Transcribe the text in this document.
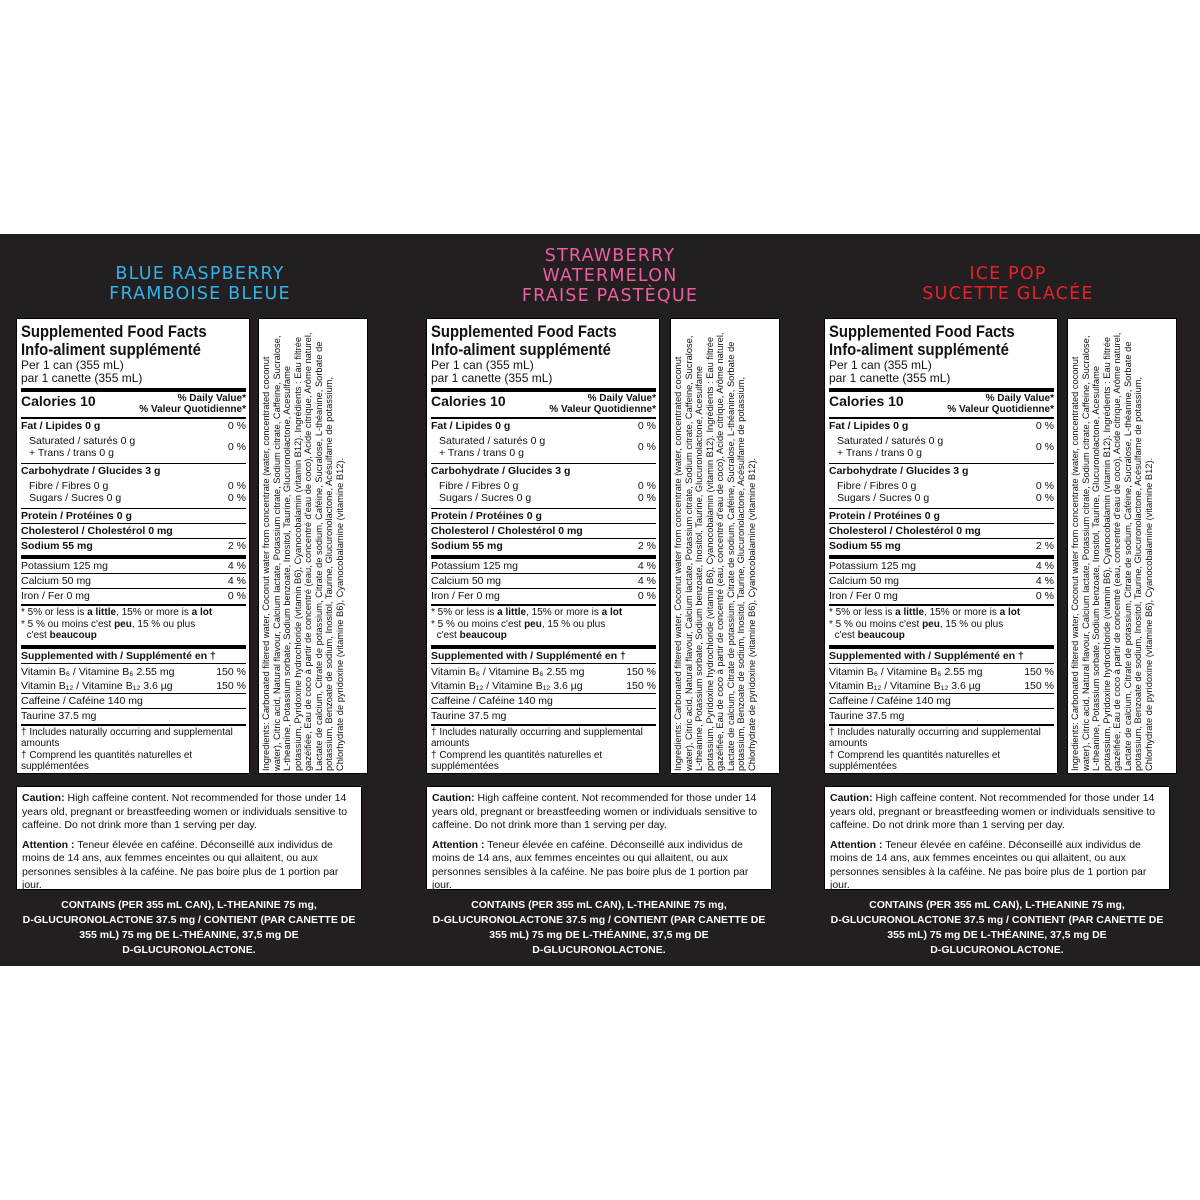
BLUE RASPBERRY
FRAMBOISE BLEUE
Supplemented Food Facts
Info-aliment supplémenté
Per 1 can (355 mL)
par 1 canette (355 mL)
Calories 10	% Daily Value*
% Valeur Quotidienne*
Fat / Lipides 0 g	0 %
Saturated / saturés 0 g
+ Trans / trans 0 g	0 %
Carbohydrate / Glucides 3 g
Fibre / Fibres 0 g	0 %
Sugars / Sucres 0 g	0 %
Protein / Protéines 0 g
Cholesterol / Cholestérol 0 mg
Sodium 55 mg	2 %
Potassium 125 mg	4 %
Calcium 50 mg	4 %
Iron / Fer 0 mg	0 %
* 5% or less is a little, 15% or more is a lot
* 5 % ou moins c'est peu, 15 % ou plus
c'est beaucoup
Supplemented with / Supplémenté en †
Vitamin B₆ / Vitamine B₆ 2.55 mg	150 %
Vitamin B₁₂ / Vitamine B₁₂ 3.6 µg	150 %
Caffeine / Caféine 140 mg
Taurine 37.5 mg
† Includes naturally occurring and supplemental amounts
† Comprend les quantités naturelles et supplémentées	Ingredients: Carbonated filtered water, Coconut water from concentrate (water, concentrated coconut water), Citric acid, Natural flavour, Calcium lactate, Potassium citrate, Sodium citrate, Caffeine, Sucralose, L-theanine, Potassium sorbate, Sodium benzoate, Inositol, Taurine, Glucuronolactone, Acesulfame potassium, Pyridoxine hydrochloride (vitamin B6), Cyanocobalamin (vitamin B12). Ingrédients : Eau filtrée gazéifiée, Eau de coco à partir de concentré (eau, concentré d'eau de coco), Acide citrique, Arôme naturel, Lactate de calcium, Citrate de potassium, Citrate de sodium, Caféine, Sucralose, L-théanine, Sorbate de potassium, Benzoate de sodium, Inositol, Taurine, Glucuronolactone, Acésulfame de potassium, Chlorhydrate de pyridoxine (vitamine B6), Cyanocobalamine (vitamine B12).

Caution: High caffeine content. Not recommended for those under 14 years old, pregnant or breastfeeding women or individuals sensitive to caffeine. Do not drink more than 1 serving per day.

Attention : Teneur élevée en caféine. Déconseillé aux individus de moins de 14 ans, aux femmes enceintes ou qui allaitent, ou aux personnes sensibles à la caféine. Ne pas boire plus de 1 portion par jour.

CONTAINS (PER 355 mL CAN), L-THEANINE 75 mg,
D-GLUCURONOLACTONE 37.5 mg / CONTIENT (PAR CANETTE DE
355 mL) 75 mg DE L-THÉANINE, 37,5 mg DE
D-GLUCURONOLACTONE.
STRAWBERRY
WATERMELON
FRAISE PASTÈQUE
Supplemented Food Facts
Info-aliment supplémenté
Per 1 can (355 mL)
par 1 canette (355 mL)
Calories 10	% Daily Value*
% Valeur Quotidienne*
Fat / Lipides 0 g	0 %
Saturated / saturés 0 g
+ Trans / trans 0 g	0 %
Carbohydrate / Glucides 3 g
Fibre / Fibres 0 g	0 %
Sugars / Sucres 0 g	0 %
Protein / Protéines 0 g
Cholesterol / Cholestérol 0 mg
Sodium 55 mg	2 %
Potassium 125 mg	4 %
Calcium 50 mg	4 %
Iron / Fer 0 mg	0 %
* 5% or less is a little, 15% or more is a lot
* 5 % ou moins c'est peu, 15 % ou plus
c'est beaucoup
Supplemented with / Supplémenté en †
Vitamin B₆ / Vitamine B₆ 2.55 mg	150 %
Vitamin B₁₂ / Vitamine B₁₂ 3.6 µg	150 %
Caffeine / Caféine 140 mg
Taurine 37.5 mg
† Includes naturally occurring and supplemental amounts
† Comprend les quantités naturelles et supplémentées	Ingredients: Carbonated filtered water, Coconut water from concentrate (water, concentrated coconut water), Citric acid, Natural flavour, Calcium lactate, Potassium citrate, Sodium citrate, Caffeine, Sucralose, L-theanine, Potassium sorbate, Sodium benzoate, Inositol, Taurine, Glucuronolactone, Acesulfame potassium, Pyridoxine hydrochloride (vitamin B6), Cyanocobalamin (vitamin B12). Ingrédients : Eau filtrée gazéifiée, Eau de coco à partir de concentré (eau, concentré d'eau de coco), Acide citrique, Arôme naturel, Lactate de calcium, Citrate de potassium, Citrate de sodium, Caféine, Sucralose, L-théanine, Sorbate de potassium, Benzoate de sodium, Inositol, Taurine, Glucuronolactone, Acésulfame de potassium, Chlorhydrate de pyridoxine (vitamine B6), Cyanocobalamine (vitamine B12).

Caution: High caffeine content. Not recommended for those under 14 years old, pregnant or breastfeeding women or individuals sensitive to caffeine. Do not drink more than 1 serving per day.

Attention : Teneur élevée en caféine. Déconseillé aux individus de moins de 14 ans, aux femmes enceintes ou qui allaitent, ou aux personnes sensibles à la caféine. Ne pas boire plus de 1 portion par jour.

CONTAINS (PER 355 mL CAN), L-THEANINE 75 mg,
D-GLUCURONOLACTONE 37.5 mg / CONTIENT (PAR CANETTE DE
355 mL) 75 mg DE L-THÉANINE, 37,5 mg DE
D-GLUCURONOLACTONE.
ICE POP
SUCETTE GLACÉE
Supplemented Food Facts
Info-aliment supplémenté
Per 1 can (355 mL)
par 1 canette (355 mL)
Calories 10	% Daily Value*
% Valeur Quotidienne*
Fat / Lipides 0 g	0 %
Saturated / saturés 0 g
+ Trans / trans 0 g	0 %
Carbohydrate / Glucides 3 g
Fibre / Fibres 0 g	0 %
Sugars / Sucres 0 g	0 %
Protein / Protéines 0 g
Cholesterol / Cholestérol 0 mg
Sodium 55 mg	2 %
Potassium 125 mg	4 %
Calcium 50 mg	4 %
Iron / Fer 0 mg	0 %
* 5% or less is a little, 15% or more is a lot
* 5 % ou moins c'est peu, 15 % ou plus
c'est beaucoup
Supplemented with / Supplémenté en †
Vitamin B₆ / Vitamine B₆ 2.55 mg	150 %
Vitamin B₁₂ / Vitamine B₁₂ 3.6 µg	150 %
Caffeine / Caféine 140 mg
Taurine 37.5 mg
† Includes naturally occurring and supplemental amounts
† Comprend les quantités naturelles et supplémentées	Ingredients: Carbonated filtered water, Coconut water from concentrate (water, concentrated coconut water), Citric acid, Natural flavour, Calcium lactate, Potassium citrate, Sodium citrate, Caffeine, Sucralose, L-theanine, Potassium sorbate, Sodium benzoate, Inositol, Taurine, Glucuronolactone, Acesulfame potassium, Pyridoxine hydrochloride (vitamin B6), Cyanocobalamin (vitamin B12). Ingrédients : Eau filtrée gazéifiée, Eau de coco à partir de concentré (eau, concentré d'eau de coco), Acide citrique, Arôme naturel, Lactate de calcium, Citrate de potassium, Citrate de sodium, Caféine, Sucralose, L-théanine, Sorbate de potassium, Benzoate de sodium, Inositol, Taurine, Glucuronolactone, Acésulfame de potassium, Chlorhydrate de pyridoxine (vitamine B6), Cyanocobalamine (vitamine B12).

Caution: High caffeine content. Not recommended for those under 14 years old, pregnant or breastfeeding women or individuals sensitive to caffeine. Do not drink more than 1 serving per day.

Attention : Teneur élevée en caféine. Déconseillé aux individus de moins de 14 ans, aux femmes enceintes ou qui allaitent, ou aux personnes sensibles à la caféine. Ne pas boire plus de 1 portion par jour.

CONTAINS (PER 355 mL CAN), L-THEANINE 75 mg,
D-GLUCURONOLACTONE 37.5 mg / CONTIENT (PAR CANETTE DE
355 mL) 75 mg DE L-THÉANINE, 37,5 mg DE
D-GLUCURONOLACTONE.
